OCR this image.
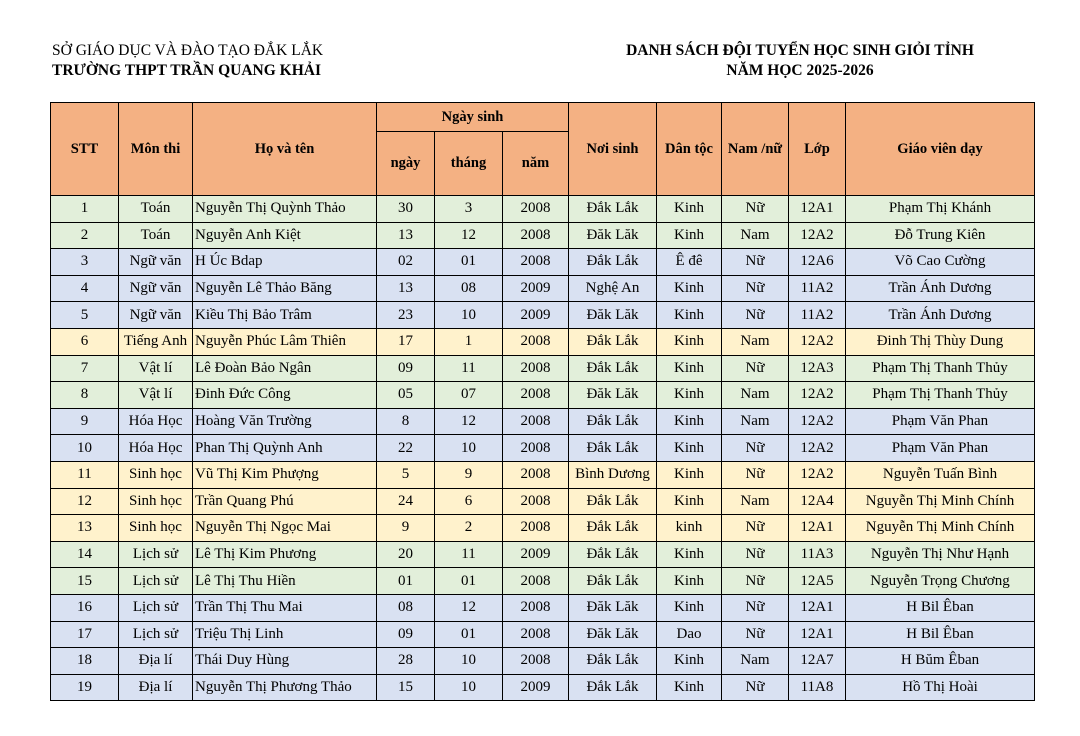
SỞ GIÁO DỤC VÀ ĐÀO TẠO ĐẮK LẮK
TRƯỜNG THPT TRẦN QUANG KHẢI
DANH SÁCH ĐỘI TUYỂN HỌC SINH GIỎI TỈNH
NĂM HỌC 2025-2026
STT	Môn thi	Họ và tên	Ngày sinh			Nơi sinh	Dân tộc	Nam /nữ	Lớp	Giáo viên dạy
			ngày	tháng	năm					
1	Toán	Nguyễn Thị Quỳnh Thảo	30	3	2008	Đắk Lắk	Kinh	Nữ	12A1	Phạm Thị Khánh
2	Toán	Nguyễn Anh Kiệt	13	12	2008	Đăk Lăk	Kinh	Nam	12A2	Đỗ Trung Kiên
3	Ngữ văn	H Úc Bdap	02	01	2008	Đắk Lắk	Ê đê	Nữ	12A6	Võ Cao Cường
4	Ngữ văn	Nguyễn Lê Thảo Băng	13	08	2009	Nghệ An	Kinh	Nữ	11A2	Trần Ánh Dương
5	Ngữ văn	Kiều Thị Bảo Trâm	23	10	2009	Đăk Lăk	Kinh	Nữ	11A2	Trần Ánh Dương
6	Tiếng Anh	Nguyễn Phúc Lâm Thiên	17	1	2008	Đắk Lắk	Kinh	Nam	12A2	Đinh Thị Thùy Dung
7	Vật lí	Lê Đoàn Bảo Ngân	09	11	2008	Đắk Lắk	Kinh	Nữ	12A3	Phạm Thị Thanh Thủy
8	Vật lí	Đinh Đức Công	05	07	2008	Đăk Lăk	Kinh	Nam	12A2	Phạm Thị Thanh Thủy
9	Hóa Học	Hoàng Văn Trường	8	12	2008	Đắk Lắk	Kinh	Nam	12A2	Phạm Văn Phan
10	Hóa Học	Phan Thị Quỳnh Anh	22	10	2008	Đắk Lắk	Kinh	Nữ	12A2	Phạm Văn Phan
11	Sinh học	Vũ Thị Kim Phượng	5	9	2008	Bình Dương	Kinh	Nữ	12A2	Nguyễn Tuấn Bình
12	Sinh học	Trần Quang Phú	24	6	2008	Đắk Lắk	Kinh	Nam	12A4	Nguyễn Thị Minh Chính
13	Sinh học	Nguyễn Thị Ngọc Mai	9	2	2008	Đắk Lắk	kinh	Nữ	12A1	Nguyễn Thị Minh Chính
14	Lịch sử	Lê Thị Kim Phương	20	11	2009	Đắk Lắk	Kinh	Nữ	11A3	Nguyễn Thị Như Hạnh
15	Lịch sử	Lê Thị Thu Hiền	01	01	2008	Đắk Lắk	Kinh	Nữ	12A5	Nguyễn Trọng Chương
16	Lịch sử	Trần Thị Thu Mai	08	12	2008	Đăk Lăk	Kinh	Nữ	12A1	H Bil Êban
17	Lịch sử	Triệu Thị Linh	09	01	2008	Đăk Lăk	Dao	Nữ	12A1	H Bil Êban
18	Địa lí	Thái Duy Hùng	28	10	2008	Đắk Lắk	Kinh	Nam	12A7	H Bŭm Êban
19	Địa lí	Nguyễn Thị Phương Thảo	15	10	2009	Đắk Lắk	Kinh	Nữ	11A8	Hồ Thị Hoài
